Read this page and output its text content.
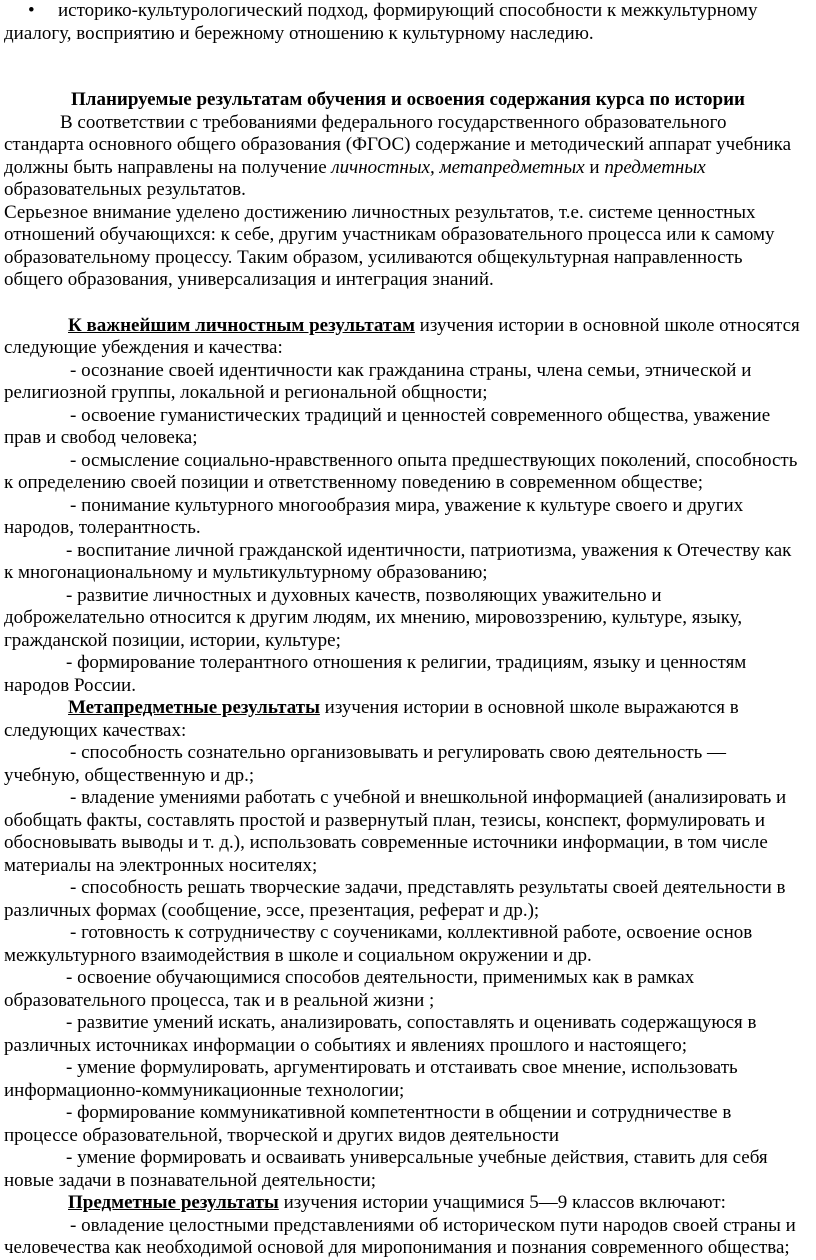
• историко-культурологический подход, формирующий способности к межкультурному

диалогу, восприятию и бережному отношению к культурному наследию.

Планируемые результатам обучения и освоения содержания курса по истории

В соответствии с требованиями федерального государственного образовательного

стандарта основного общего образования (ФГОС) содержание и методический аппарат учебника

должны быть направлены на получение личностных, метапредметных и предметных

образовательных результатов.

Серьезное внимание уделено достижению личностных результатов, т.е. системе ценностных

отношений обучающихся: к себе, другим участникам образовательного процесса или к самому

образовательному процессу. Таким образом, усиливаются общекультурная направленность

общего образования, универсализация и интеграция знаний.

К важнейшим личностным результатам изучения истории в основной школе относятся

следующие убеждения и качества:

- осознание своей идентичности как гражданина страны, члена семьи, этнической и

религиозной группы, локальной и региональной общности;

- освоение гуманистических традиций и ценностей современного общества, уважение

прав и свобод человека;

- осмысление социально-нравственного опыта предшествующих поколений, способность

к определению своей позиции и ответственному поведению в современном обществе;

- понимание культурного многообразия мира, уважение к культуре своего и других

народов, толерантность.

- воспитание личной гражданской идентичности, патриотизма, уважения к Отечеству как

к многонациональному и мультикультурному образованию;

- развитие личностных и духовных качеств, позволяющих уважительно и

доброжелательно относится к другим людям, их мнению, мировоззрению, культуре, языку,

гражданской позиции, истории, культуре;

- формирование толерантного отношения к религии, традициям, языку и ценностям

народов России.

Метапредметные результаты изучения истории в основной школе выражаются в

следующих качествах:

- способность сознательно организовывать и регулировать свою деятельность —

учебную, общественную и др.;

- владение умениями работать с учебной и внешкольной информацией (анализировать и

обобщать факты, составлять простой и развернутый план, тезисы, конспект, формулировать и

обосновывать выводы и т. д.), использовать современные источники информации, в том числе

материалы на электронных носителях;

- способность решать творческие задачи, представлять результаты своей деятельности в

различных формах (сообщение, эссе, презентация, реферат и др.);

- готовность к сотрудничеству с соучениками, коллективной работе, освоение основ

межкультурного взаимодействия в школе и социальном окружении и др.

- освоение обучающимися способов деятельности, применимых как в рамках

образовательного процесса, так и в реальной жизни ;

- развитие умений искать, анализировать, сопоставлять и оценивать содержащуюся в

различных источниках информации о событиях и явлениях прошлого и настоящего;

- умение формулировать, аргументировать и отстаивать свое мнение, использовать

информационно-коммуникационные технологии;

- формирование коммуникативной компетентности в общении и сотрудничестве в

процессе образовательной, творческой и других видов деятельности

- умение формировать и осваивать универсальные учебные действия, ставить для себя

новые задачи в познавательной деятельности;

Предметные результаты изучения истории учащимися 5—9 классов включают:

- овладение целостными представлениями об историческом пути народов своей страны и

человечества как необходимой основой для миропонимания и познания современного общества;
